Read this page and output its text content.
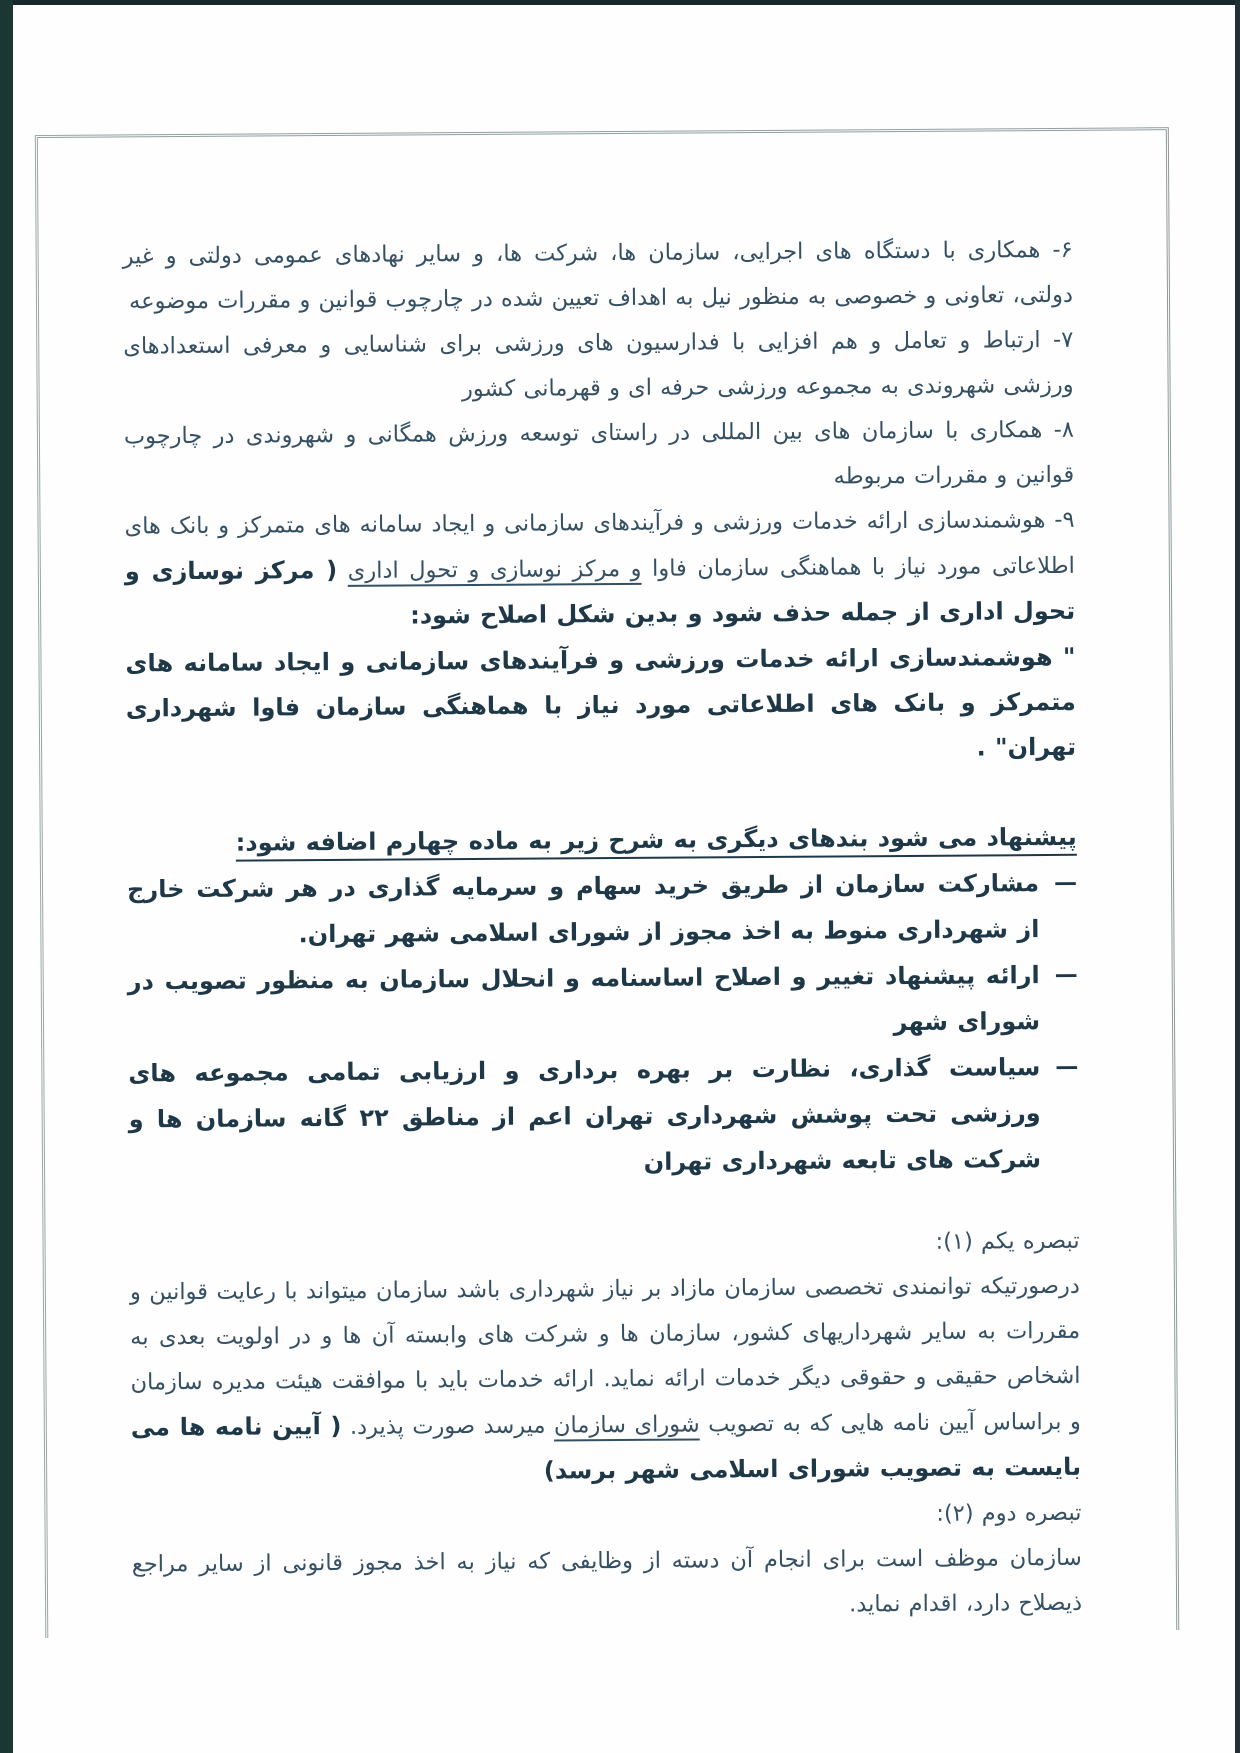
۶- همکاری با دستگاه های اجرایی، سازمان ها، شرکت ها، و سایر نهادهای عمومی دولتی و غیر دولتی، تعاونی و خصوصی به منظور نیل به اهداف تعیین شده در چارچوب قوانین و مقررات موضوعه

۷- ارتباط و تعامل و هم افزایی با فدارسیون های ورزشی برای شناسایی و معرفی استعدادهای ورزشی شهروندی به مجموعه ورزشی حرفه ای و قهرمانی کشور

۸- همکاری با سازمان های بین المللی در راستای توسعه ورزش همگانی و شهروندی در چارچوب قوانین و مقررات مربوطه

۹- هوشمندسازی ارائه خدمات ورزشی و فرآیندهای سازمانی و ایجاد سامانه های متمرکز و بانک های اطلاعاتی مورد نیاز با هماهنگی سازمان فاوا و مرکز نوسازی و تحول اداری ( مرکز نوسازی و تحول اداری از جمله حذف شود و بدین شکل اصلاح شود:

" هوشمندسازی ارائه خدمات ورزشی و فرآیندهای سازمانی و ایجاد سامانه های متمرکز و بانک های اطلاعاتی مورد نیاز با هماهنگی سازمان فاوا شهرداری تهران" .

پیشنهاد می شود بندهای دیگری به شرح زیر به ماده چهارم اضافه شود:

—
مشارکت سازمان از طریق خرید سهام و سرمایه گذاری در هر شرکت خارج از شهرداری منوط به اخذ مجوز از شورای اسلامی شهر تهران.
—
ارائه پیشنهاد تغییر و اصلاح اساسنامه و انحلال سازمان به منظور تصویب در شورای شهر
—
سیاست گذاری، نظارت بر بهره برداری و ارزیابی تمامی مجموعه های ورزشی تحت پوشش شهرداری تهران اعم از مناطق ۲۲ گانه سازمان ها و شرکت های تابعه شهرداری تهران

تبصره یکم (۱):

درصورتیکه توانمندی تخصصی سازمان مازاد بر نیاز شهرداری باشد سازمان میتواند با رعایت قوانین و مقررات به سایر شهرداریهای کشور، سازمان ها و شرکت های وابسته آن ها و در اولویت بعدی به اشخاص حقیقی و حقوقی دیگر خدمات ارائه نماید. ارائه خدمات باید با موافقت هیئت مدیره سازمان و براساس آیین نامه هایی که به تصویب شورای سازمان میرسد صورت پذیرد. ( آیین نامه ها می بایست به تصویب شورای اسلامی شهر برسد)

تبصره دوم (۲):

سازمان موظف است برای انجام آن دسته از وظایفی که نیاز به اخذ مجوز قانونی از سایر مراجع ذیصلاح دارد، اقدام نماید.
